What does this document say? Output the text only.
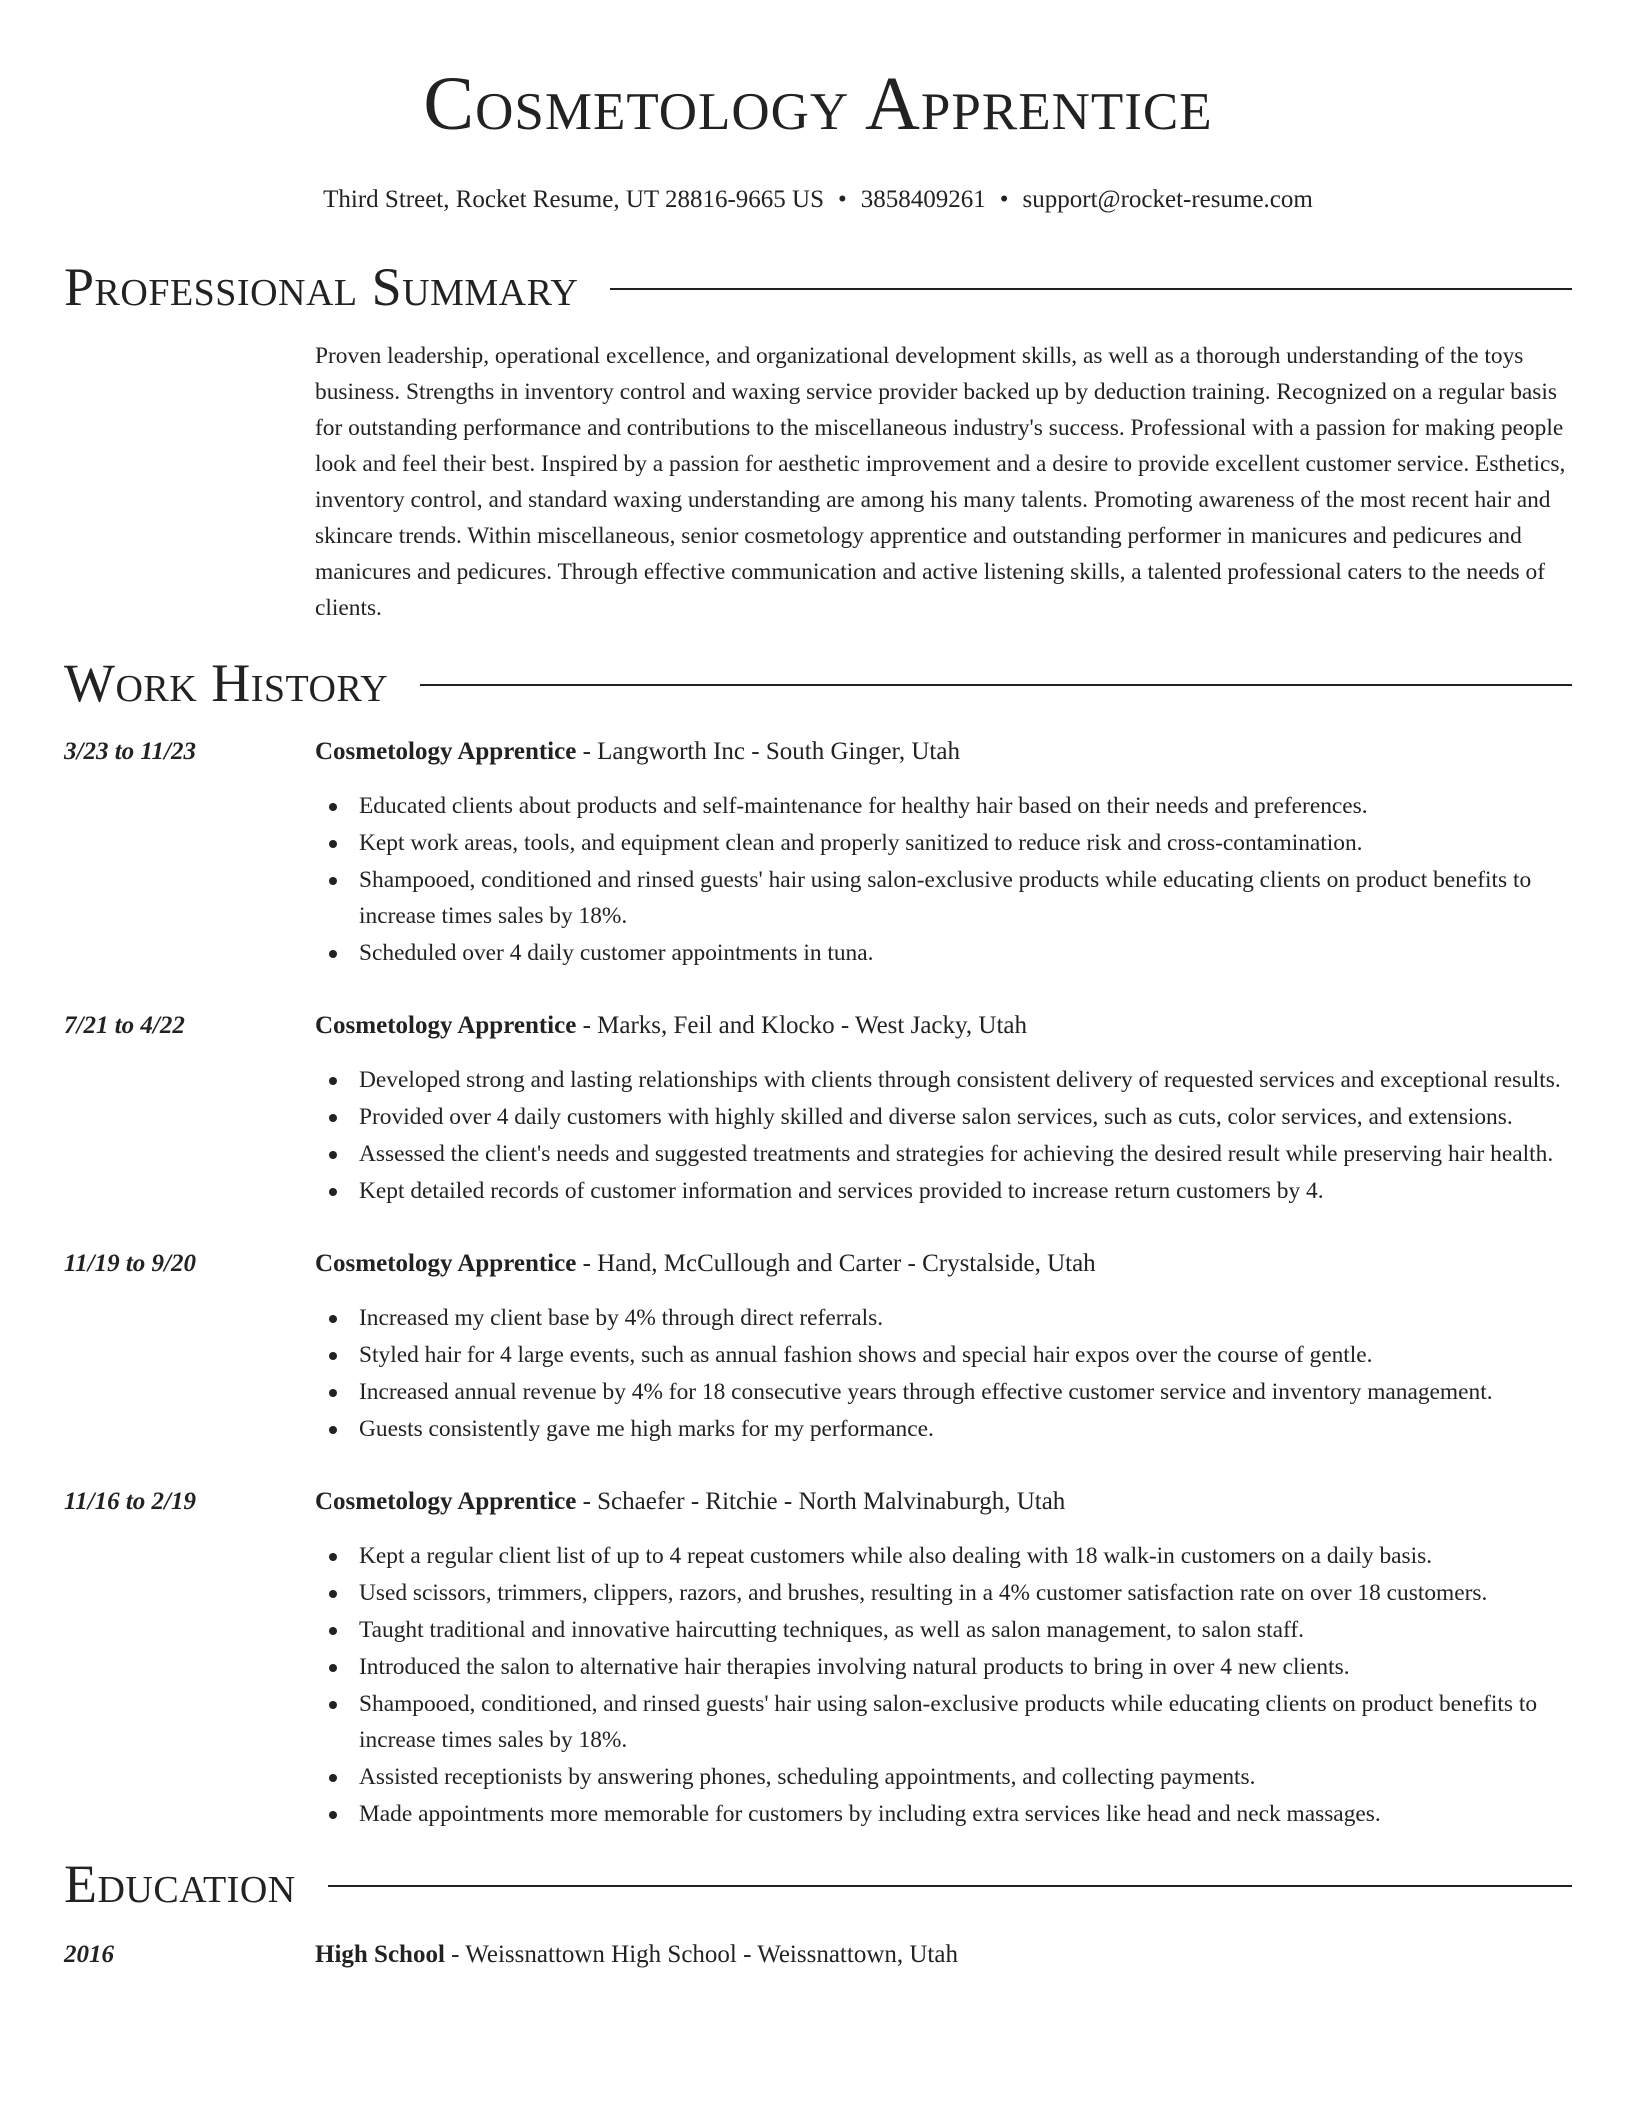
Cosmetology Apprentice
Third Street, Rocket Resume, UT 28816-9665 US • 3858409261 • support@rocket-resume.com
Professional Summary

Proven leadership, operational excellence, and organizational development skills, as well as a thorough understanding of the toys business. Strengths in inventory control and waxing service provider backed up by deduction training. Recognized on a regular basis for outstanding performance and contributions to the miscellaneous industry's success. Professional with a passion for making people look and feel their best. Inspired by a passion for aesthetic improvement and a desire to provide excellent customer service. Esthetics, inventory control, and standard waxing understanding are among his many talents. Promoting awareness of the most recent hair and skincare trends. Within miscellaneous, senior cosmetology apprentice and outstanding performer in manicures and pedicures and manicures and pedicures. Through effective communication and active listening skills, a talented professional caters to the needs of clients.

Work History
3/23 to 11/23	Cosmetology Apprentice - Langworth Inc - South Ginger, Utah
Educated clients about products and self-maintenance for healthy hair based on their needs and preferences.
Kept work areas, tools, and equipment clean and properly sanitized to reduce risk and cross-contamination.
Shampooed, conditioned and rinsed guests' hair using salon-exclusive products while educating clients on product benefits to increase times sales by 18%.
Scheduled over 4 daily customer appointments in tuna.
7/21 to 4/22	Cosmetology Apprentice - Marks, Feil and Klocko - West Jacky, Utah
Developed strong and lasting relationships with clients through consistent delivery of requested services and exceptional results.
Provided over 4 daily customers with highly skilled and diverse salon services, such as cuts, color services, and extensions.
Assessed the client's needs and suggested treatments and strategies for achieving the desired result while preserving hair health.
Kept detailed records of customer information and services provided to increase return customers by 4.
11/19 to 9/20	Cosmetology Apprentice - Hand, McCullough and Carter - Crystalside, Utah
Increased my client base by 4% through direct referrals.
Styled hair for 4 large events, such as annual fashion shows and special hair expos over the course of gentle.
Increased annual revenue by 4% for 18 consecutive years through effective customer service and inventory management.
Guests consistently gave me high marks for my performance.
11/16 to 2/19	Cosmetology Apprentice - Schaefer - Ritchie - North Malvinaburgh, Utah
Kept a regular client list of up to 4 repeat customers while also dealing with 18 walk-in customers on a daily basis.
Used scissors, trimmers, clippers, razors, and brushes, resulting in a 4% customer satisfaction rate on over 18 customers.
Taught traditional and innovative haircutting techniques, as well as salon management, to salon staff.
Introduced the salon to alternative hair therapies involving natural products to bring in over 4 new clients.
Shampooed, conditioned, and rinsed guests' hair using salon-exclusive products while educating clients on product benefits to increase times sales by 18%.
Assisted receptionists by answering phones, scheduling appointments, and collecting payments.
Made appointments more memorable for customers by including extra services like head and neck massages.
Education
2016	High School - Weissnattown High School - Weissnattown, Utah
